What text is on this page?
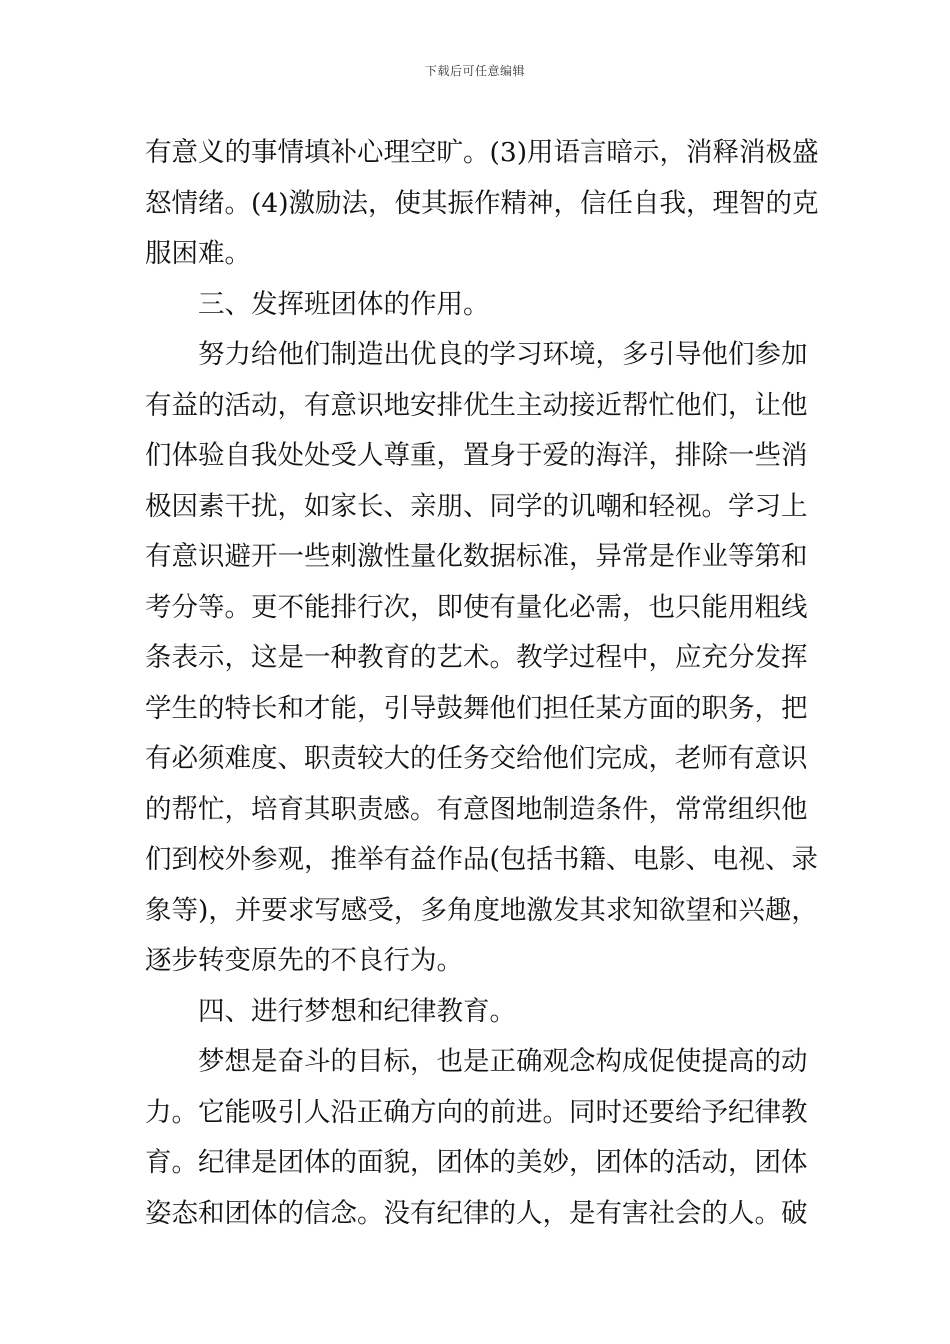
下载后可任意编辑
有意义的事情填补心理空旷。(3)用语言暗示，消释消极盛
怒情绪。(4)激励法，使其振作精神，信任自我，理智的克
服困难。
三、发挥班团体的作用。
努力给他们制造出优良的学习环境，多引导他们参加
有益的活动，有意识地安排优生主动接近帮忙他们，让他
们体验自我处处受人尊重，置身于爱的海洋，排除一些消
极因素干扰，如家长、亲朋、同学的讥嘲和轻视。学习上
有意识避开一些刺激性量化数据标准，异常是作业等第和
考分等。更不能排行次，即使有量化必需，也只能用粗线
条表示，这是一种教育的艺术。教学过程中，应充分发挥
学生的特长和才能，引导鼓舞他们担任某方面的职务，把
有必须难度、职责较大的任务交给他们完成，老师有意识
的帮忙，培育其职责感。有意图地制造条件，常常组织他
们到校外参观，推举有益作品(包括书籍、电影、电视、录
象等)，并要求写感受，多角度地激发其求知欲望和兴趣，
逐步转变原先的不良行为。
四、进行梦想和纪律教育。
梦想是奋斗的目标，也是正确观念构成促使提高的动
力。它能吸引人沿正确方向的前进。同时还要给予纪律教
育。纪律是团体的面貌，团体的美妙，团体的活动，团体
姿态和团体的信念。没有纪律的人，是有害社会的人。破
